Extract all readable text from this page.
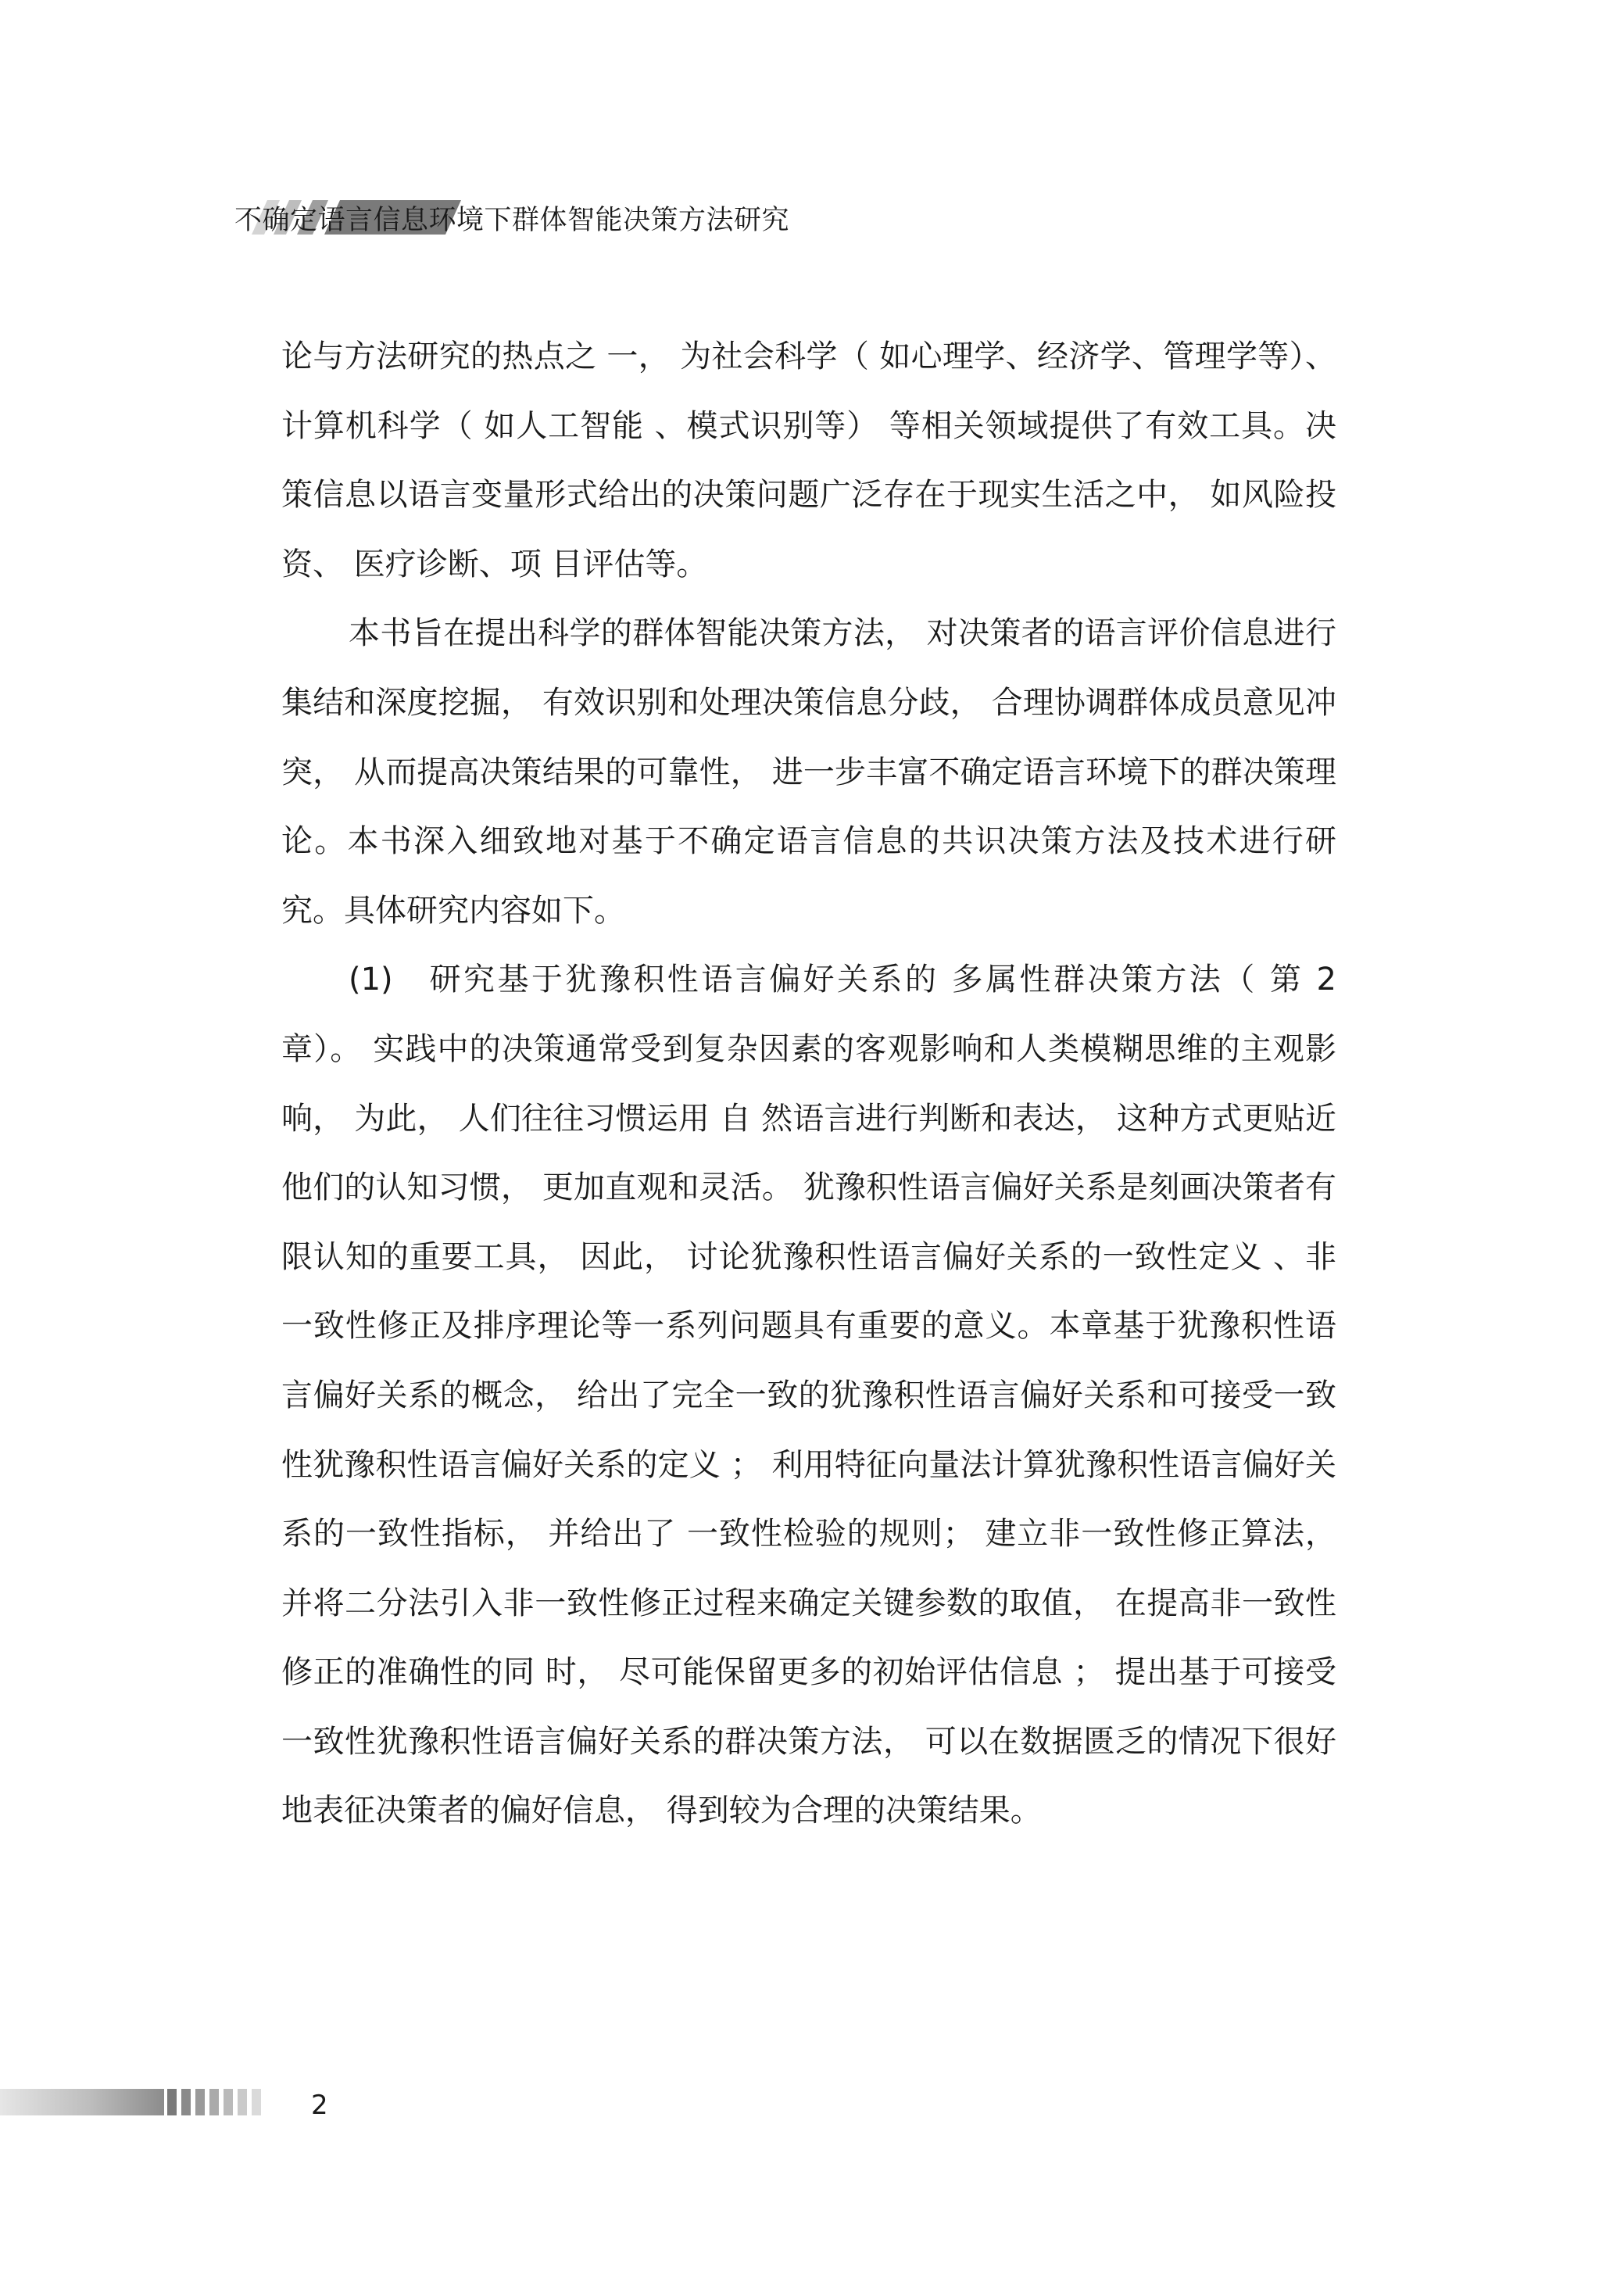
不确定语言信息环境下群体智能决策方法研究

论与方法研究的热点之 一， 为社会科学（ 如心理学、经济学、管理学等）、计算机科学（ 如人工智能 、模式识别等） 等相关领域提供了有效工具。决策信息以语言变量形式给出的决策问题广泛存在于现实生活之中， 如风险投资、 医疗诊断、项 目评估等。

本书旨在提出科学的群体智能决策方法， 对决策者的语言评价信息进行集结和深度挖掘， 有效识别和处理决策信息分歧， 合理协调群体成员意见冲突， 从而提高决策结果的可靠性， 进一步丰富不确定语言环境下的群决策理论。本书深入细致地对基于不确定语言信息的共识决策方法及技术进行研究。具体研究内容如下。

(1)　研究基于犹豫积性语言偏好关系的 多属性群决策方法（ 第 2 章）。 实践中的决策通常受到复杂因素的客观影响和人类模糊思维的主观影响， 为此， 人们往往习惯运用 自 然语言进行判断和表达， 这种方式更贴近他们的认知习惯， 更加直观和灵活。 犹豫积性语言偏好关系是刻画决策者有限认知的重要工具， 因此， 讨论犹豫积性语言偏好关系的一致性定义 、非一致性修正及排序理论等一系列问题具有重要的意义。本章基于犹豫积性语言偏好关系的概念， 给出了完全一致的犹豫积性语言偏好关系和可接受一致性犹豫积性语言偏好关系的定义 ； 利用特征向量法计算犹豫积性语言偏好关系的一致性指标， 并给出了 一致性检验的规则； 建立非一致性修正算法， 并将二分法引入非一致性修正过程来确定关键参数的取值， 在提高非一致性修正的准确性的同 时， 尽可能保留更多的初始评估信息 ； 提出基于可接受一致性犹豫积性语言偏好关系的群决策方法， 可以在数据匮乏的情况下很好地表征决策者的偏好信息， 得到较为合理的决策结果。

2
